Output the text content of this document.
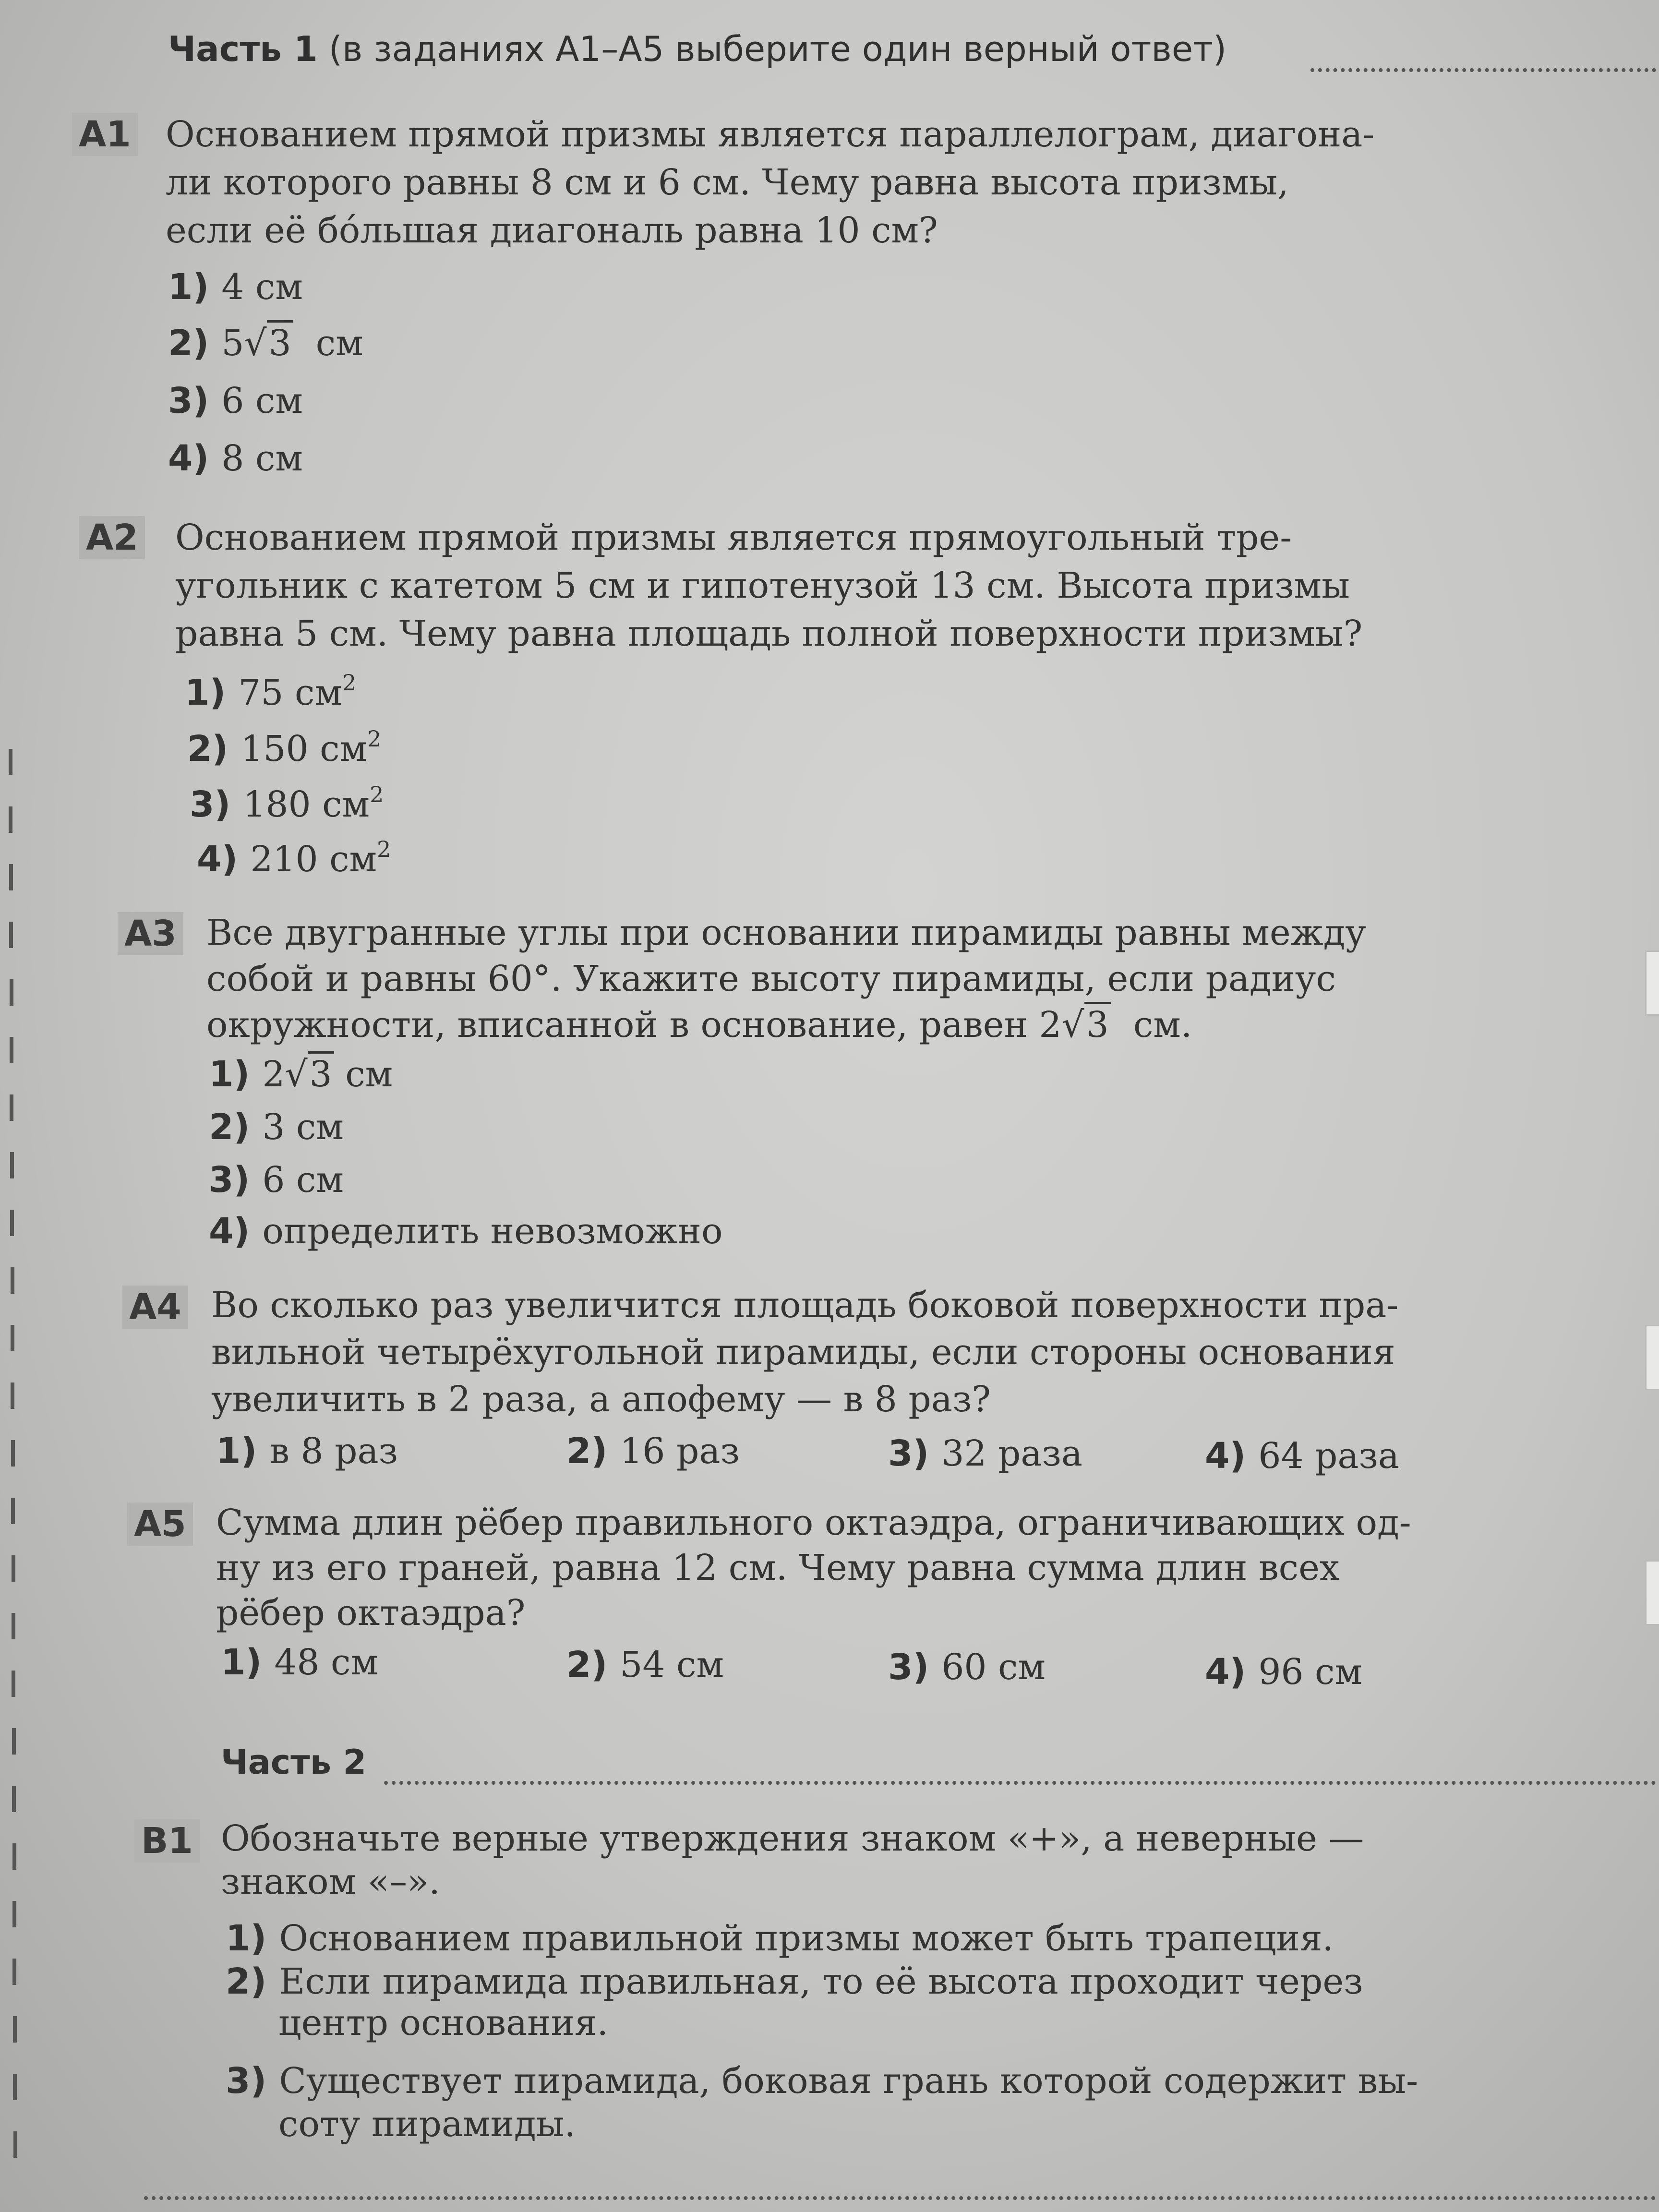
Часть 1 (в заданиях А1–А5 выберите один верный ответ)
А1 Основанием прямой призмы является параллелограм, диагона-
ли которого равны 8 см и 6 см. Чему равна высота призмы,
если её бóльшая диагональ равна 10 см?
1) 4 см
2) 5√3 см
3) 6 см
4) 8 см
А2 Основанием прямой призмы является прямоугольный тре-
угольник с катетом 5 см и гипотенузой 13 см. Высота призмы
равна 5 см. Чему равна площадь полной поверхности призмы?
1) 75 $см^2$
2) 150 $см^2$
3) 180 $см^2$
4) 210 $см^2$
А3 Все двугранные углы при основании пирамиды равны между
собой и равны 60°. Укажите высоту пирамиды, если радиус
окружности, вписанной в основание, равен 2√3 см.
1) 2√3 см
2) 3 см
3) 6 см
4) определить невозможно
А4 Во сколько раз увеличится площадь боковой поверхности пра-
вильной четырёхугольной пирамиды, если стороны основания
увеличить в 2 раза, а апофему — в 8 раз?
1) в 8 раз	2) 16 раз	3) 32 раза	4) 64 раза
А5 Сумма длин рёбер правильного октаэдра, ограничивающих од-
ну из его граней, равна 12 см. Чему равна сумма длин всех
рёбер октаэдра?
1) 48 см	2) 54 см	3) 60 см	4) 96 см
Часть 2
В1 Обозначьте верные утверждения знаком «+», а неверные —
знаком «–».
1) Основанием правильной призмы может быть трапеция.
2) Если пирамида правильная, то её высота проходит через
центр основания.
3) Существует пирамида, боковая грань которой содержит вы-
соту пирамиды.
